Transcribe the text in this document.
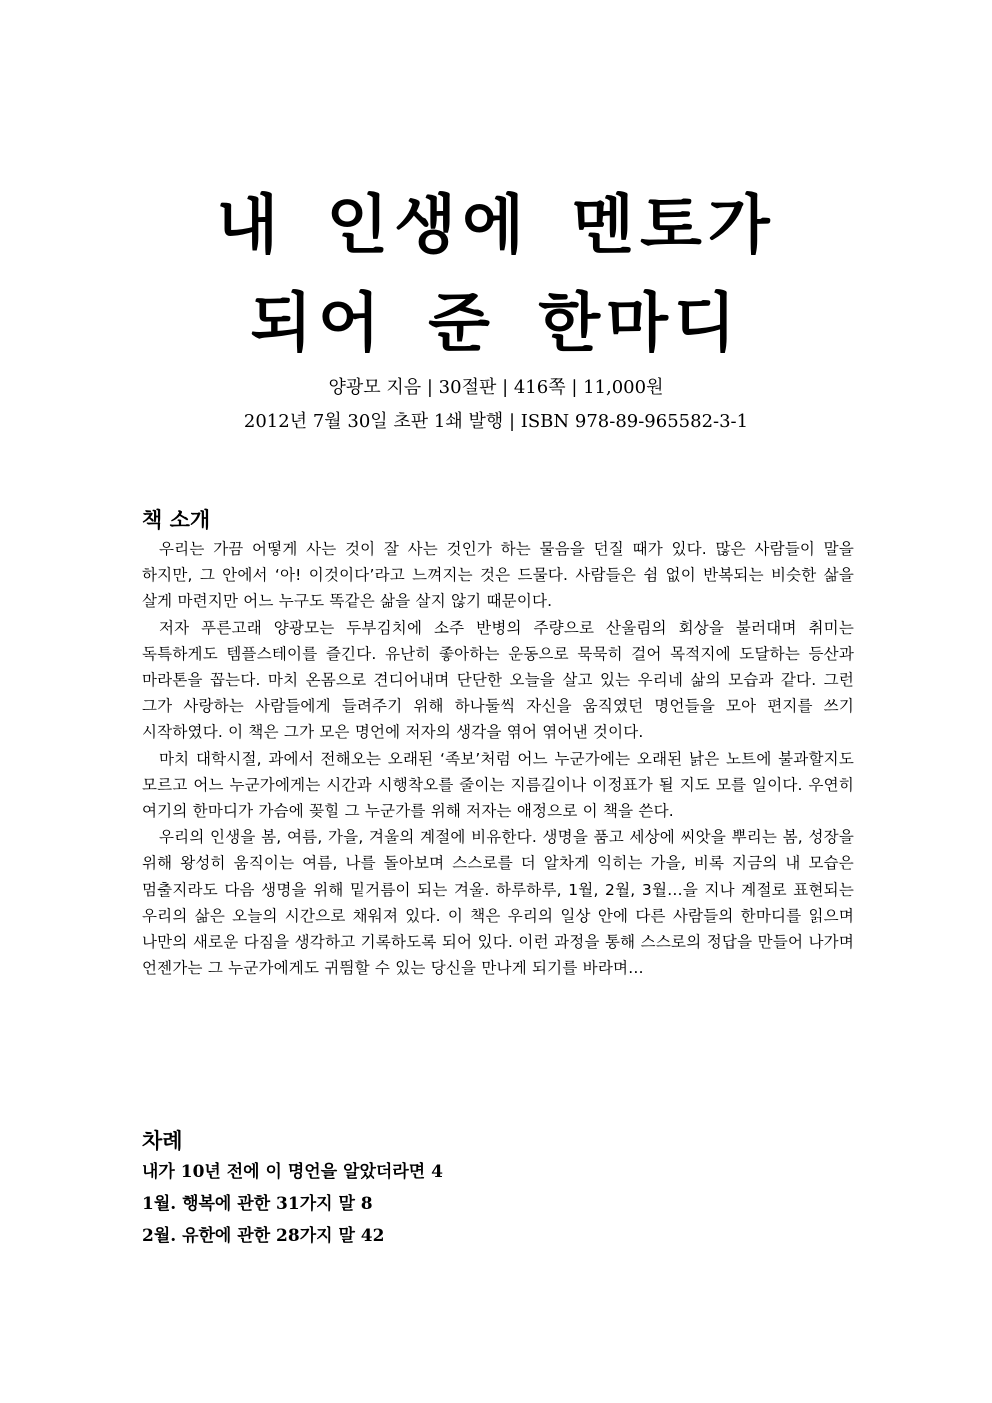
내 인생에 멘토가
되어 준 한마디
양광모 지음 | 30절판 | 416쪽 | 11,000원
2012년 7월 30일 초판 1쇄 발행 | ISBN 978-89-965582-3-1
책 소개

우리는 가끔 어떻게 사는 것이 잘 사는 것인가 하는 물음을 던질 때가 있다. 많은 사람들이 말을 하지만, 그 안에서 ‘아! 이것이다’라고 느껴지는 것은 드물다. 사람들은 쉼 없이 반복되는 비슷한 삶을 살게 마련지만 어느 누구도 똑같은 삶을 살지 않기 때문이다.

저자 푸른고래 양광모는 두부김치에 소주 반병의 주량으로 산울림의 회상을 불러대며 취미는 독특하게도 템플스테이를 즐긴다. 유난히 좋아하는 운동으로 묵묵히 걸어 목적지에 도달하는 등산과 마라톤을 꼽는다. 마치 온몸으로 견디어내며 단단한 오늘을 살고 있는 우리네 삶의 모습과 같다. 그런 그가 사랑하는 사람들에게 들려주기 위해 하나둘씩 자신을 움직였던 명언들을 모아 편지를 쓰기 시작하였다. 이 책은 그가 모은 명언에 저자의 생각을 엮어 엮어낸 것이다.

마치 대학시절, 과에서 전해오는 오래된 ‘족보’처럼 어느 누군가에는 오래된 낡은 노트에 불과할지도 모르고 어느 누군가에게는 시간과 시행착오를 줄이는 지름길이나 이정표가 될 지도 모를 일이다. 우연히 여기의 한마디가 가슴에 꽂힐 그 누군가를 위해 저자는 애정으로 이 책을 쓴다.

우리의 인생을 봄, 여름, 가을, 겨울의 계절에 비유한다. 생명을 품고 세상에 씨앗을 뿌리는 봄, 성장을 위해 왕성히 움직이는 여름, 나를 돌아보며 스스로를 더 알차게 익히는 가을, 비록 지금의 내 모습은 멈출지라도 다음 생명을 위해 밑거름이 되는 겨울. 하루하루, 1월, 2월, 3월…을 지나 계절로 표현되는 우리의 삶은 오늘의 시간으로 채워져 있다. 이 책은 우리의 일상 안에 다른 사람들의 한마디를 읽으며 나만의 새로운 다짐을 생각하고 기록하도록 되어 있다. 이런 과정을 통해 스스로의 정답을 만들어 나가며 언젠가는 그 누군가에게도 귀띔할 수 있는 당신을 만나게 되기를 바라며…

차례
내가 10년 전에 이 명언을 알았더라면 4
1월. 행복에 관한 31가지 말 8
2월. 유한에 관한 28가지 말 42
